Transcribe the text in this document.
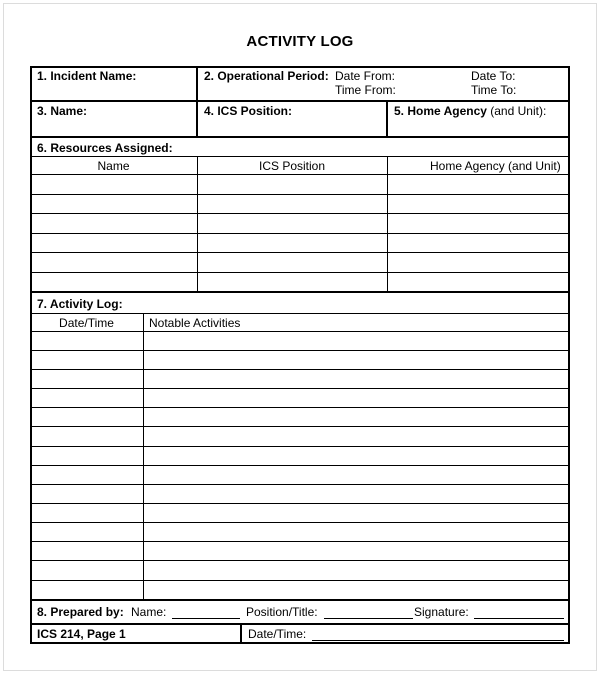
ACTIVITY LOG
1. Incident Name:	2. Operational Period: Date From:	Date To:
Time From:	Time To:
3. Name:	4. ICS Position:	5. Home Agency (and Unit):
6. Resources Assigned:
Name	ICS Position	Home Agency (and Unit)
7. Activity Log:
Date/Time	Notable Activities
8. Prepared by: Name:	Position/Title:	Signature:
ICS 214, Page 1	Date/Time:
